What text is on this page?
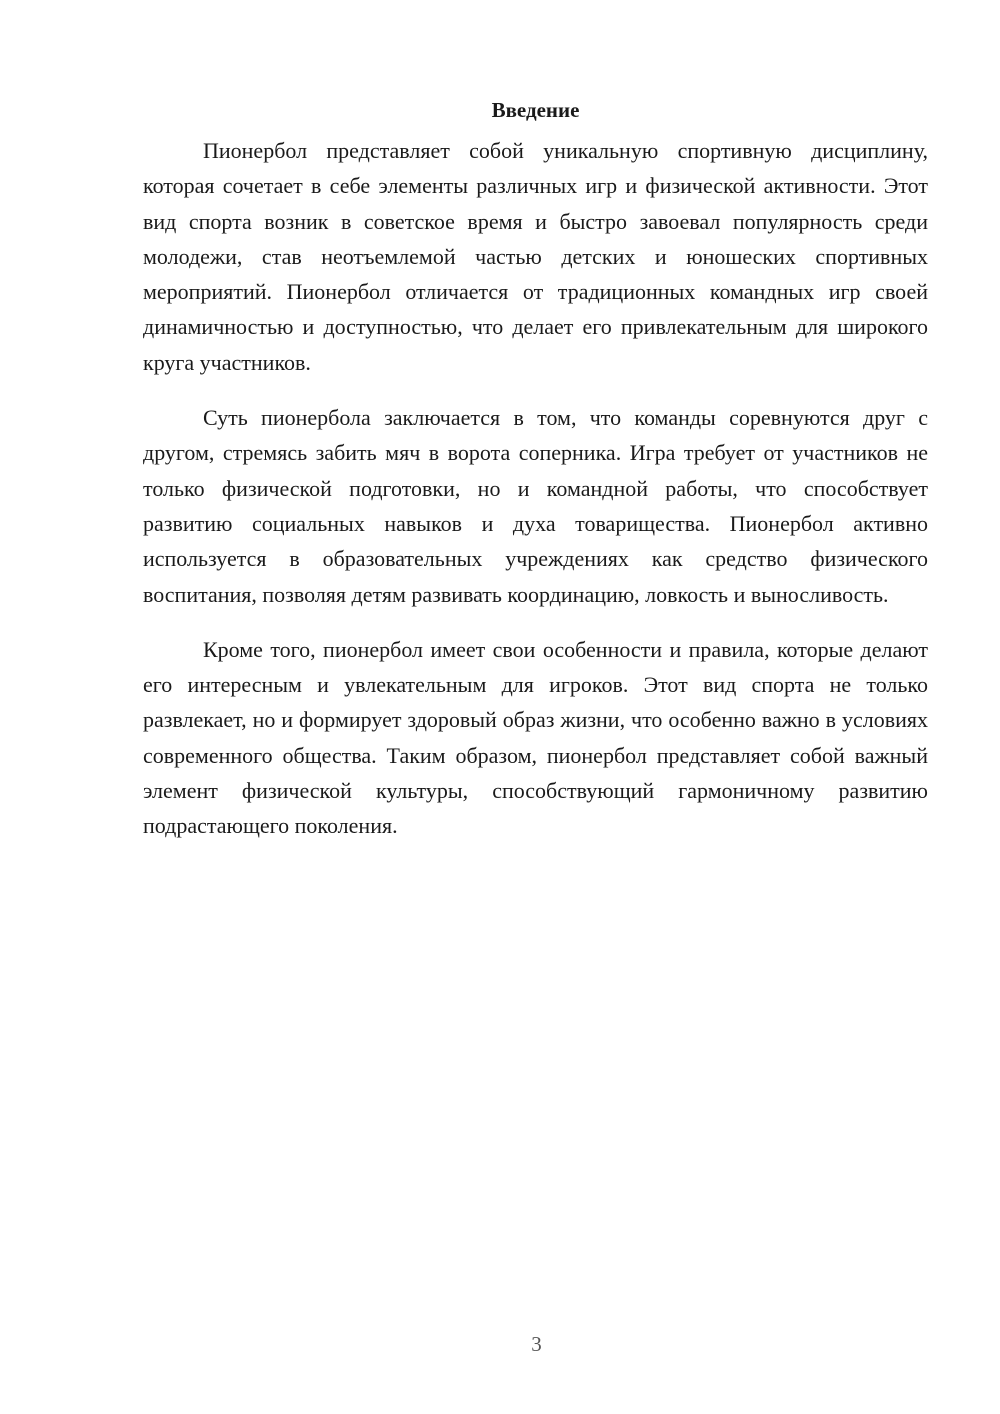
Введение

Пионербол представляет собой уникальную спортивную дисциплину, которая сочетает в себе элементы различных игр и физической активности. Этот вид спорта возник в советское время и быстро завоевал популярность среди молодежи, став неотъемлемой частью детских и юношеских спортивных мероприятий. Пионербол отличается от традиционных командных игр своей динамичностью и доступностью, что делает его привлекательным для широкого круга участников.

Суть пионербола заключается в том, что команды соревнуются друг с другом, стремясь забить мяч в ворота соперника. Игра требует от участников не только физической подготовки, но и командной работы, что способствует развитию социальных навыков и духа товарищества. Пионербол активно используется в образовательных учреждениях как средство физического воспитания, позволяя детям развивать координацию, ловкость и выносливость.

Кроме того, пионербол имеет свои особенности и правила, которые делают его интересным и увлекательным для игроков. Этот вид спорта не только развлекает, но и формирует здоровый образ жизни, что особенно важно в условиях современного общества. Таким образом, пионербол представляет собой важный элемент физической культуры, способствующий гармоничному развитию подрастающего поколения.

3
